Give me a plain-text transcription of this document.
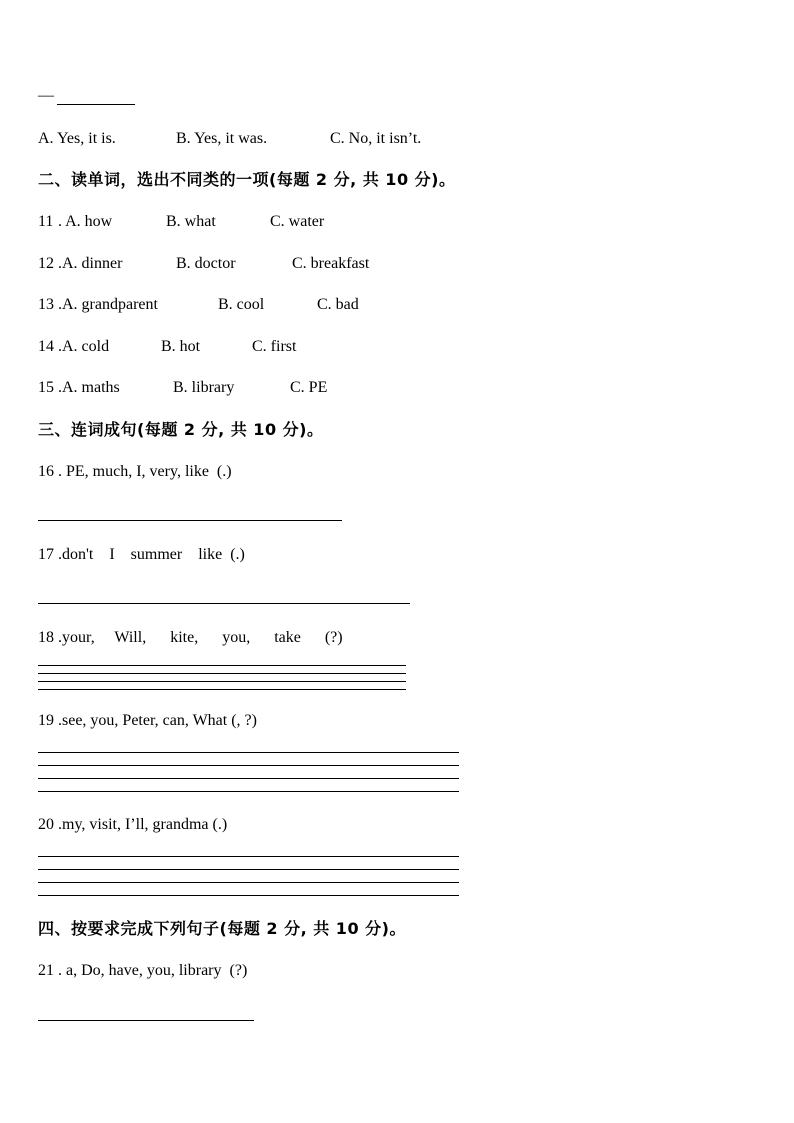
—
A. Yes, it is.	B. Yes, it was.	C. No, it isn’t.
二、读单词，选出不同类的一项(每题 2 分, 共 10 分)。
11 . A. how	B. what	C. water
12 .A. dinner	B. doctor	C. breakfast
13 .A. grandparent	B. cool	C. bad
14 .A. cold	B. hot	C. first
15 .A. maths	B. library	C. PE
三、连词成句(每题 2 分, 共 10 分)。
16 . PE, much, I, very, like  (.)
17 .don't    I    summer    like  (.)
18 .your,     Will,      kite,      you,      take      (?)
19 .see, you, Peter, can, What (, ?)
20 .my, visit, I’ll, grandma (.)
四、按要求完成下列句子(每题 2 分, 共 10 分)。
21 . a, Do, have, you, library  (?)
